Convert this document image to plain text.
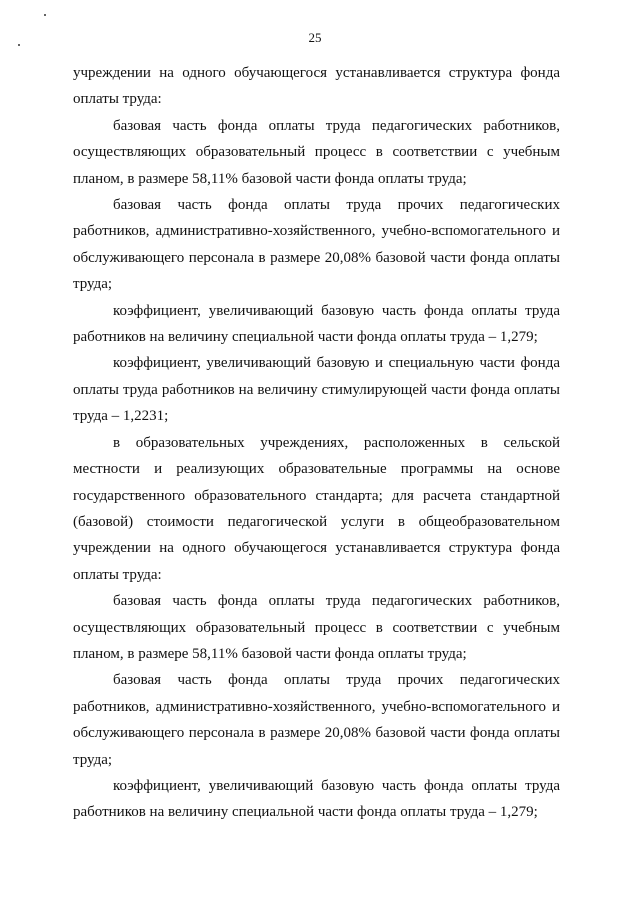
25

учреждении на одного обучающегося устанавливается структура фонда оплаты труда:

базовая часть фонда оплаты труда педагогических работников, осуществляющих образовательный процесс в соответствии с учебным планом, в размере 58,11% базовой части фонда оплаты труда;

базовая часть фонда оплаты труда прочих педагогических работников, административно-хозяйственного, учебно-вспомогательного и обслуживающего персонала в размере 20,08% базовой части фонда оплаты труда;

коэффициент, увеличивающий базовую часть фонда оплаты труда работников на величину специальной части фонда оплаты труда – 1,279;

коэффициент, увеличивающий базовую и специальную части фонда оплаты труда работников на величину стимулирующей части фонда оплаты труда – 1,2231;

в образовательных учреждениях, расположенных в сельской местности и реализующих образовательные программы на основе государственного образовательного стандарта; для расчета стандартной (базовой) стоимости педагогической услуги в общеобразовательном учреждении на одного обучающегося устанавливается структура фонда оплаты труда:

базовая часть фонда оплаты труда педагогических работников, осуществляющих образовательный процесс в соответствии с учебным планом, в размере 58,11% базовой части фонда оплаты труда;

базовая часть фонда оплаты труда прочих педагогических работников, административно-хозяйственного, учебно-вспомогательного и обслуживающего персонала в размере 20,08% базовой части фонда оплаты труда;

коэффициент, увеличивающий базовую часть фонда оплаты труда работников на величину специальной части фонда оплаты труда – 1,279;
